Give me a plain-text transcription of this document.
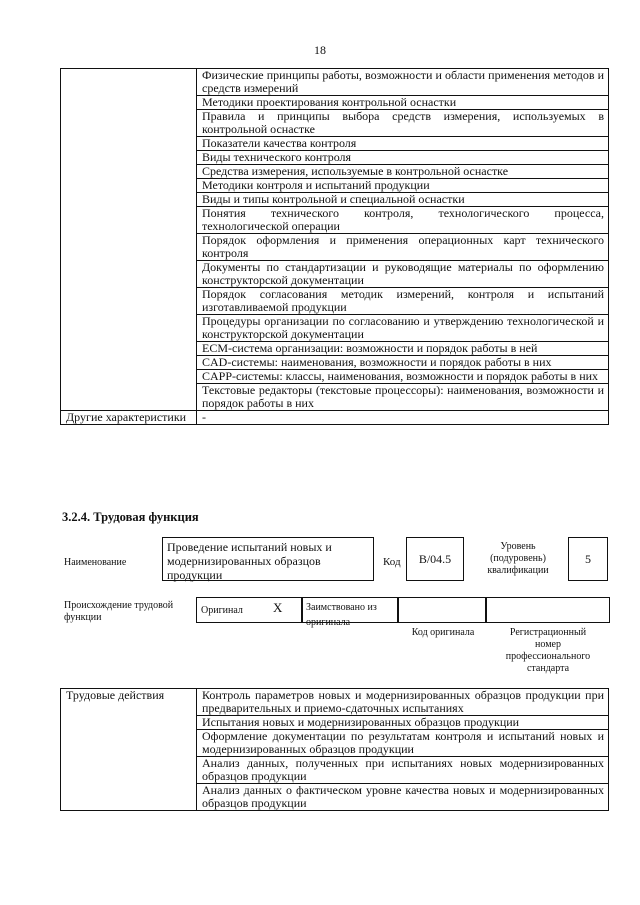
18
	Физические принципы работы, возможности и области применения методов и средств измерений
	Методики проектирования контрольной оснастки
	Правила и принципы выбора средств измерения, используемых в контрольной оснастке
	Показатели качества контроля
	Виды технического контроля
	Средства измерения, используемые в контрольной оснастке
	Методики контроля и испытаний продукции
	Виды и типы контрольной и специальной оснастки
	Понятия технического контроля, технологического процесса, технологической операции
	Порядок оформления и применения операционных карт технического контроля
	Документы по стандартизации и руководящие материалы по оформлению конструкторской документации
	Порядок согласования методик измерений, контроля и испытаний изготавливаемой продукции
	Процедуры организации по согласованию и утверждению технологической и конструкторской документации
	ECM-система организации: возможности и порядок работы в ней
	CAD-системы: наименования, возможности и порядок работы в них
	CAPP-системы: классы, наименования, возможности и порядок работы в них
	Текстовые редакторы (текстовые процессоры): наименования, возможности и порядок работы в них
Другие характеристики	-
3.2.4. Трудовая функция
Наименование
Проведение испытаний новых и модернизированных образцов продукции
Код	B/04.5
Уровень (подуровень) квалификации
5
Происхождение трудовой функции
Оригинал X	Заимствовано из оригинала
Код оригинала	Регистрационный номер профессионального стандарта
Трудовые действия	Контроль параметров новых и модернизированных образцов продукции при предварительных и приемо-сдаточных испытаниях
Испытания новых и модернизированных образцов продукции
Оформление документации по результатам контроля и испытаний новых и модернизированных образцов продукции
Анализ данных, полученных при испытаниях новых модернизированных образцов продукции
Анализ данных о фактическом уровне качества новых и модернизированных образцов продукции
